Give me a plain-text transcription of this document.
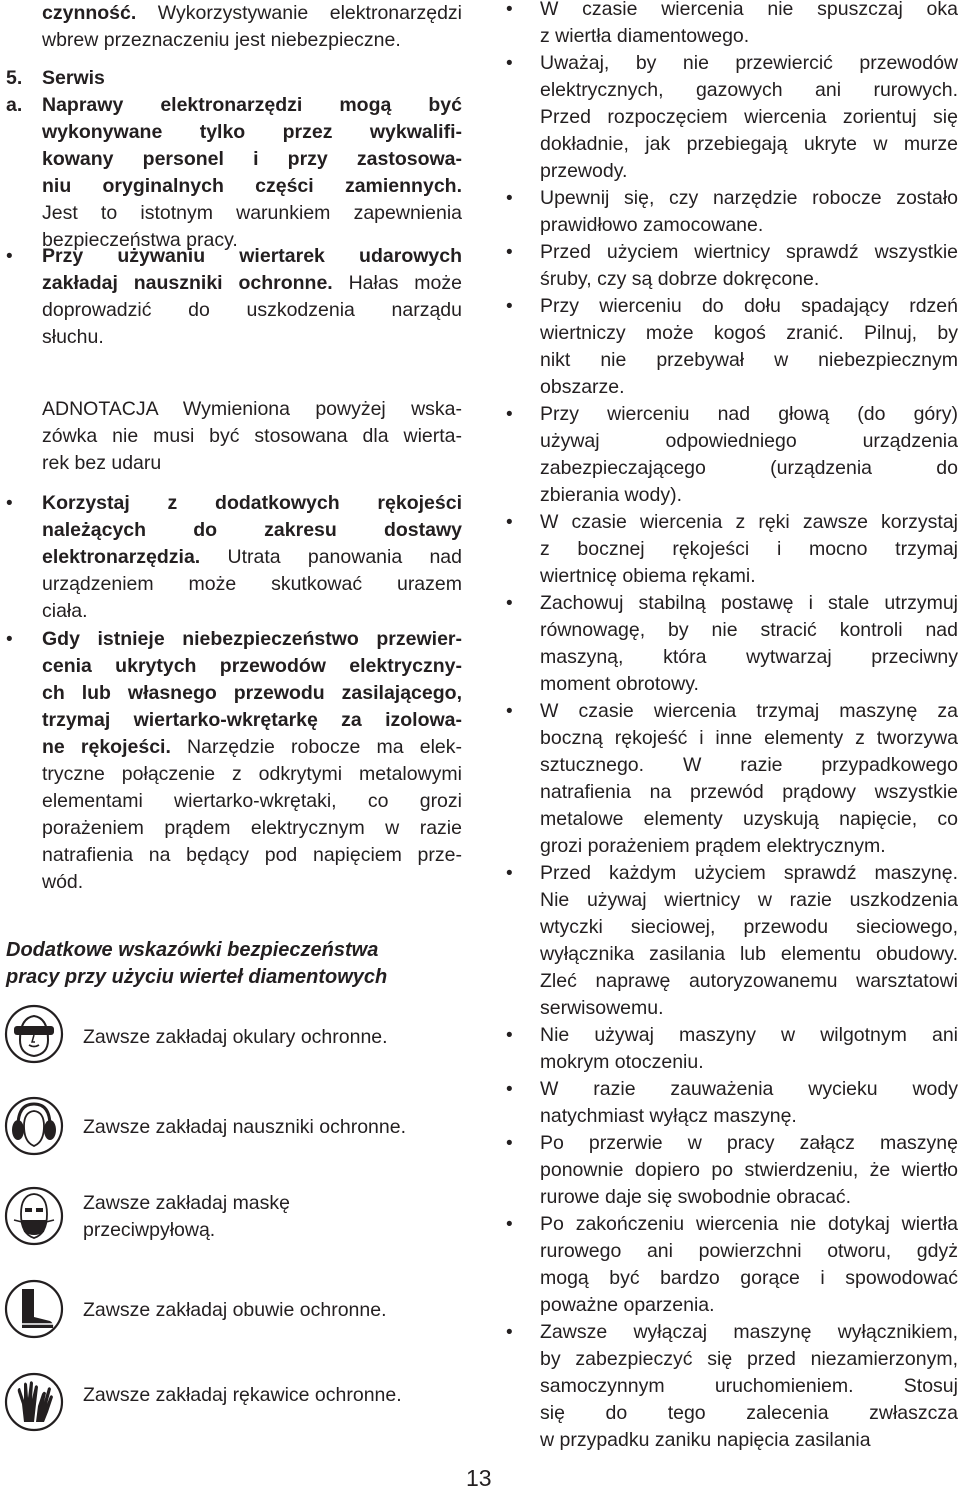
czynność. Wykorzystywanie elektronarzędzi
wbrew przeznaczeniu jest niebezpieczne.
5.	Serwis
a.	Naprawy elektronarzędzi mogą być
wykonywane tylko przez wykwalifi-
kowany personel i przy zastosowa-
niu oryginalnych części zamiennych.
Jest to istotnym warunkiem zapewnienia
bezpieczeństwa pracy.
• Przy używaniu wiertarek udarowych
zakładaj nauszniki ochronne. Hałas może
doprowadzić do uszkodzenia narządu
słuchu.
ADNOTACJA Wymieniona powyżej wska-
zówka nie musi być stosowana dla wierta-
rek bez udaru
• Korzystaj z dodatkowych rękojeści
należących do zakresu dostawy
elektronarzędzia. Utrata panowania nad
urządzeniem może skutkować urazem
ciała.
• Gdy istnieje niebezpieczeństwo przewier-
cenia ukrytych przewodów elektryczny-
ch lub własnego przewodu zasilającego,
trzymaj wiertarko-wkrętarkę za izolowa-
ne rękojeści. Narzędzie robocze ma elek-
tryczne połączenie z odkrytymi metalowymi
elementami wiertarko-wkrętaki, co grozi
porażeniem prądem elektrycznym w razie
natrafienia na będący pod napięciem prze-
wód.
• W czasie wiercenia nie spuszczaj oka
z wiertła diamentowego.
• Uważaj, by nie przewiercić przewodów
elektrycznych, gazowych ani rurowych.
Przed rozpoczęciem wiercenia zorientuj się
dokładnie, jak przebiegają ukryte w murze
przewody.
• Upewnij się, czy narzędzie robocze zostało
prawidłowo zamocowane.
• Przed użyciem wiertnicy sprawdź wszystkie
śruby, czy są dobrze dokręcone.
• Przy wierceniu do dołu spadający rdzeń
wiertniczy może kogoś zranić. Pilnuj, by
nikt nie przebywał w niebezpiecznym
obszarze.
• Przy wierceniu nad głową (do góry)
używaj odpowiedniego urządzenia
zabezpieczającego (urządzenia do
zbierania wody).
• W czasie wiercenia z ręki zawsze korzystaj
z bocznej rękojeści i mocno trzymaj
wiertnicę obiema rękami.
• Zachowuj stabilną postawę i stale utrzymuj
równowagę, by nie stracić kontroli nad
maszyną, która wytwarzaj przeciwny
moment obrotowy.
• W czasie wiercenia trzymaj maszynę za
boczną rękojeść i inne elementy z tworzywa
sztucznego. W razie przypadkowego
natrafienia na przewód prądowy wszystkie
metalowe elementy uzyskują napięcie, co
grozi porażeniem prądem elektrycznym.
• Przed każdym użyciem sprawdź maszynę.
Nie używaj wiertnicy w razie uszkodzenia
wtyczki sieciowej, przewodu sieciowego,
wyłącznika zasilania lub elementu obudowy.
Zleć naprawę autoryzowanemu warsztatowi
serwisowemu.
• Nie używaj maszyny w wilgotnym ani
mokrym otoczeniu.
• W razie zauważenia wycieku wody
natychmiast wyłącz maszynę.
• Po przerwie w pracy załącz maszynę
ponownie dopiero po stwierdzeniu, że wiertło
rurowe daje się swobodnie obracać.
• Po zakończeniu wiercenia nie dotykaj wiertła
rurowego ani powierzchni otworu, gdyż
mogą być bardzo gorące i spowodować
poważne oparzenia.
• Zawsze wyłączaj maszynę wyłącznikiem,
by zabezpieczyć się przed niezamierzonym,
samoczynnym uruchomieniem. Stosuj
się do tego zalecenia zwłaszcza
w przypadku zaniku napięcia zasilania
Dodatkowe wskazówki bezpieczeństwa
pracy przy użyciu wierteł diamentowych
Zawsze zakładaj okulary ochronne.
Zawsze zakładaj nauszniki ochronne.
Zawsze zakładaj maskę
przeciwpyłową.
Zawsze zakładaj obuwie ochronne.
Zawsze zakładaj rękawice ochronne.
13
